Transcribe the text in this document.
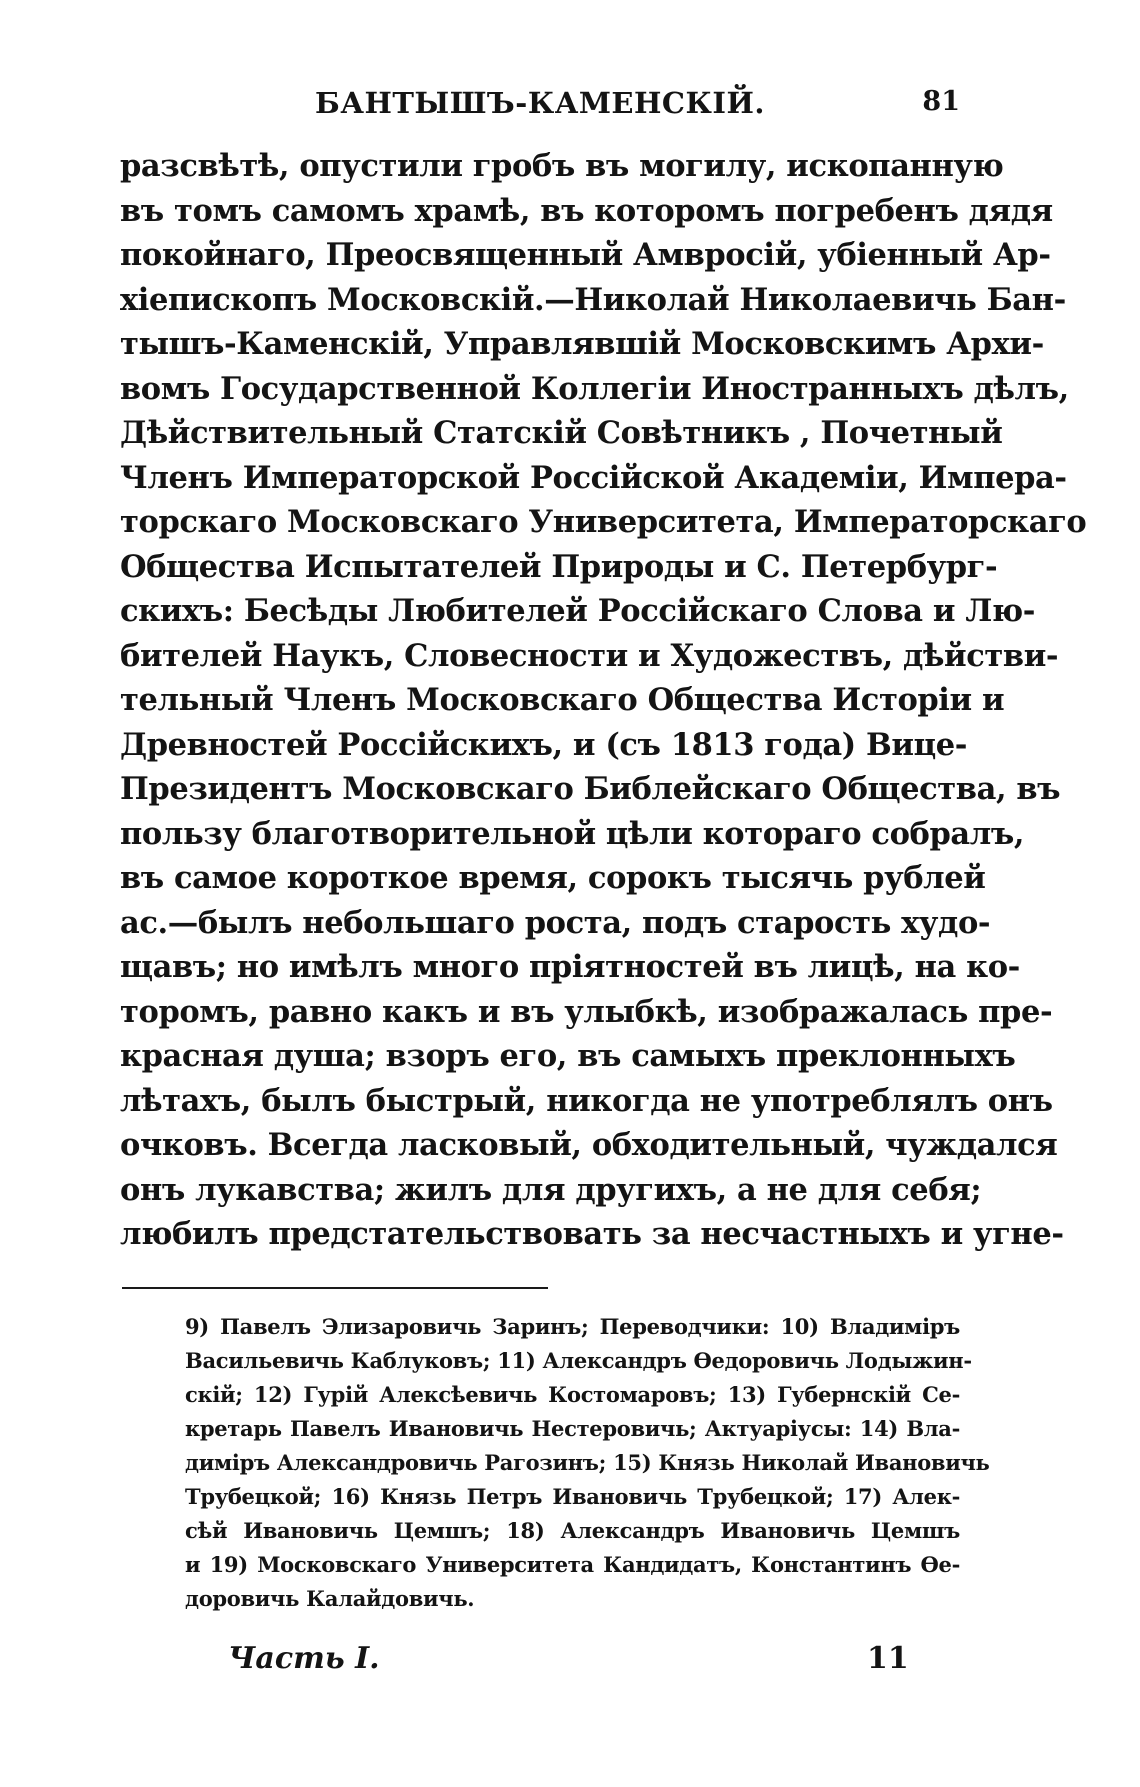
БАНТЫШЪ-КАМЕНСКІЙ.	81
разсвѣтѣ, опустили гробъ въ могилу, ископанную
въ томъ самомъ храмѣ, въ которомъ погребенъ дядя
покойнаго, Преосвященный Амвросій, убіенный Ар-
хіепископъ Московскій.—Николай Николаевичь Бан-
тышъ-Каменскій, Управлявшій Московскимъ Архи-
вомъ Государственной Коллегіи Иностранныхъ дѣлъ,
Дѣйствительный Статскій Совѣтникъ , Почетный
Членъ Императорской Россійской Академіи, Импера-
торскаго Московскаго Университета, Императорскаго
Общества Испытателей Природы и С. Петербург-
скихъ: Бесѣды Любителей Россійскаго Слова и Лю-
бителей Наукъ, Словесности и Художествъ, дѣйстви-
тельный Членъ Московскаго Общества Исторіи и
Древностей Россійскихъ, и (съ 1813 года) Вице-
Президентъ Московскаго Библейскаго Общества, въ
пользу благотворительной цѣли котораго собралъ,
въ самое короткое время, сорокъ тысячь рублей
ас.—былъ небольшаго роста, подъ старость худо-
щавъ; но имѣлъ много пріятностей въ лицѣ, на ко-
торомъ, равно какъ и въ улыбкѣ, изображалась пре-
красная душа; взоръ его, въ самыхъ преклонныхъ
лѣтахъ, былъ быстрый, никогда не употреблялъ онъ
очковъ. Всегда ласковый, обходительный, чуждался
онъ лукавства; жилъ для другихъ, а не для себя;
любилъ предстательствовать за несчастныхъ и угне-
9) Павелъ Элизаровичь Заринъ; Переводчики: 10) Владиміръ
Васильевичь Каблуковъ; 11) Александръ Ѳедоровичь Лодыжин-
скій; 12) Гурій Алексѣевичь Костомаровъ; 13) Губернскій Се-
кретарь Павелъ Ивановичь Нестеровичь; Актуаріусы: 14) Вла-
диміръ Александровичь Рагозинъ; 15) Князь Николай Ивановичь
Трубецкой; 16) Князь Петръ Ивановичь Трубецкой; 17) Алек-
сѣй Ивановичь Цемшъ; 18) Александръ Ивановичь Цемшъ
и 19) Московскаго Университета Кандидатъ, Константинъ Ѳе-
доровичь Калайдовичь.
Часть I.	11
